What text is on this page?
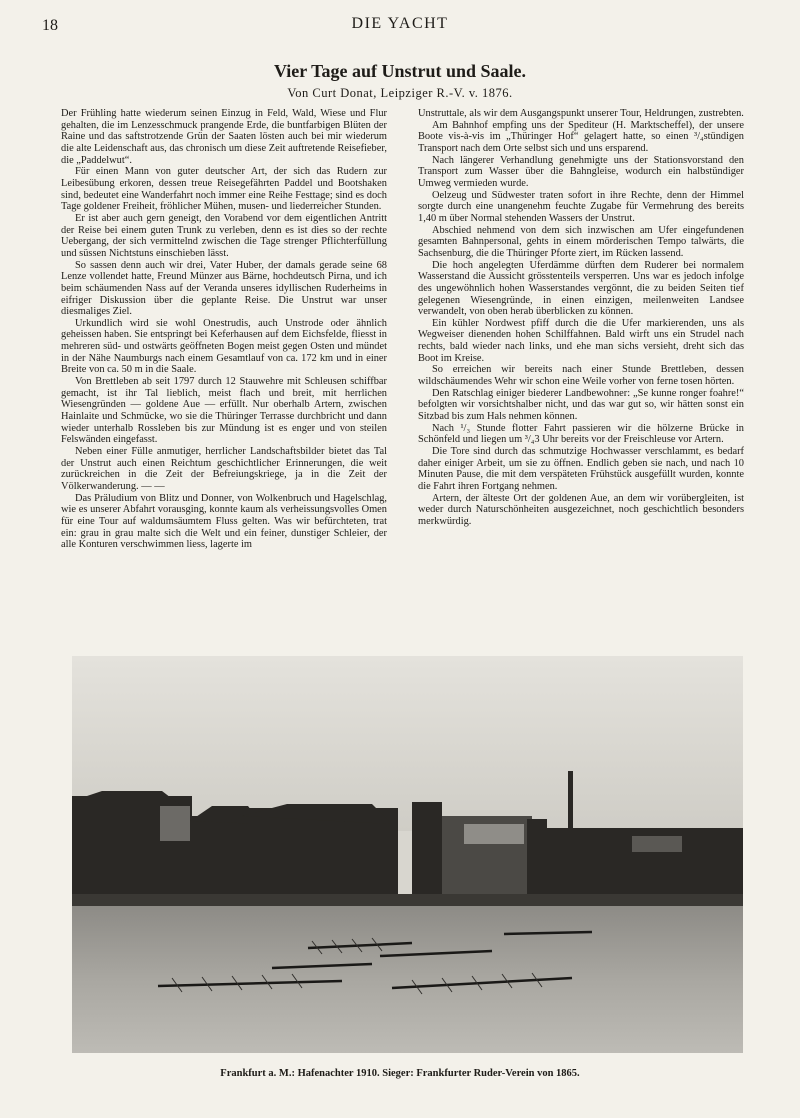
18	DIE YACHT
Vier Tage auf Unstrut und Saale.
Von Curt Donat, Leipziger R.-V. v. 1876.

Der Frühling hatte wiederum seinen Einzug in Feld, Wald, Wiese und Flur gehalten, die im Lenzesschmuck prangende Erde, die buntfarbigen Blüten der Raine und das saftstrotzende Grün der Saaten lösten auch bei mir wiederum die alte Leidenschaft aus, das chronisch um diese Zeit auftretende Reisefieber, die „Paddelwut“.

Für einen Mann von guter deutscher Art, der sich das Rudern zur Leibesübung erkoren, dessen treue Reisegefährten Paddel und Bootshaken sind, bedeutet eine Wanderfahrt noch immer eine Reihe Festtage; sind es doch Tage goldener Freiheit, fröhlicher Mühen, musen- und liederreicher Stunden.

Er ist aber auch gern geneigt, den Vorabend vor dem eigentlichen Antritt der Reise bei einem guten Trunk zu verleben, denn es ist dies so der rechte Uebergang, der sich vermittelnd zwischen die Tage strenger Pflichterfüllung und süssen Nichtstuns einschieben lässt.

So sassen denn auch wir drei, Vater Huber, der damals gerade seine 68 Lenze vollendet hatte, Freund Münzer aus Bärne, hochdeutsch Pirna, und ich beim schäumenden Nass auf der Veranda unseres idyllischen Ruderheims in eifriger Diskussion über die geplante Reise. Die Unstrut war unser diesmaliges Ziel.

Urkundlich wird sie wohl Onestrudis, auch Unstrode oder ähnlich geheissen haben. Sie entspringt bei Keferhausen auf dem Eichsfelde, fliesst in mehreren süd- und ostwärts geöffneten Bogen meist gegen Osten und mündet in der Nähe Naumburgs nach einem Gesamtlauf von ca. 172 km und in einer Breite von ca. 50 m in die Saale.

Von Brettleben ab seit 1797 durch 12 Stauwehre mit Schleusen schiffbar gemacht, ist ihr Tal lieblich, meist flach und breit, mit herrlichen Wiesengründen — goldene Aue — erfüllt. Nur oberhalb Artern, zwischen Hainlaite und Schmücke, wo sie die Thüringer Terrasse durchbricht und dann wieder unterhalb Rossleben bis zur Mündung ist es enger und von steilen Felswänden eingefasst.

Neben einer Fülle anmutiger, herrlicher Landschaftsbilder bietet das Tal der Unstrut auch einen Reichtum geschichtlicher Erinnerungen, die weit zurückreichen in die Zeit der Befreiungskriege, ja in die Zeit der Völkerwanderung. — —

Das Präludium von Blitz und Donner, von Wolkenbruch und Hagelschlag, wie es unserer Abfahrt vorausging, konnte kaum als verheissungsvolles Omen für eine Tour auf waldumsäumtem Fluss gelten. Was wir befürchteten, trat ein: grau in grau malte sich die Welt und ein feiner, dunstiger Schleier, der alle Konturen verschwimmen liess, lagerte im

Unstruttale, als wir dem Ausgangspunkt unserer Tour, Heldrungen, zustrebten.

Am Bahnhof empfing uns der Spediteur (H. Marktscheffel), der unsere Boote vis-à-vis im „Thüringer Hof“ gelagert hatte, so einen ³/₄stündigen Transport nach dem Orte selbst sich und uns ersparend.

Nach längerer Verhandlung genehmigte uns der Stationsvorstand den Transport zum Wasser über die Bahngleise, wodurch ein halbstündiger Umweg vermieden wurde.

Oelzeug und Südwester traten sofort in ihre Rechte, denn der Himmel sorgte durch eine unangenehm feuchte Zugabe für Vermehrung des bereits 1,40 m über Normal stehenden Wassers der Unstrut.

Abschied nehmend von dem sich inzwischen am Ufer eingefundenen gesamten Bahnpersonal, gehts in einem mörderischen Tempo talwärts, die Sachsenburg, die die Thüringer Pforte ziert, im Rücken lassend.

Die hoch angelegten Uferdämme dürften dem Ruderer bei normalem Wasserstand die Aussicht grösstenteils versperren. Uns war es jedoch infolge des ungewöhnlich hohen Wasserstandes vergönnt, die zu beiden Seiten tief gelegenen Wiesengründe, in einen einzigen, meilenweiten Landsee verwandelt, von oben herab überblicken zu können.

Ein kühler Nordwest pfiff durch die die Ufer markierenden, uns als Wegweiser dienenden hohen Schilffahnen. Bald wirft uns ein Strudel nach rechts, bald wieder nach links, und ehe man sichs versieht, dreht sich das Boot im Kreise.

So erreichen wir bereits nach einer Stunde Brettleben, dessen wildschäumendes Wehr wir schon eine Weile vorher von ferne tosen hörten.

Den Ratschlag einiger biederer Landbewohner: „Se kunne ronger foahre!“ befolgten wir vorsichtshalber nicht, und das war gut so, wir hätten sonst ein Sitzbad bis zum Hals nehmen können.

Nach ¹/₃ Stunde flotter Fahrt passieren wir die hölzerne Brücke in Schönfeld und liegen um ³/₄3 Uhr bereits vor der Freischleuse vor Artern.

Die Tore sind durch das schmutzige Hochwasser verschlammt, es bedarf daher einiger Arbeit, um sie zu öffnen. Endlich geben sie nach, und nach 10 Minuten Pause, die mit dem verspäteten Frühstück ausgefüllt wurden, konnte die Fahrt ihren Fortgang nehmen.

Artern, der älteste Ort der goldenen Aue, an dem wir vorübergleiten, ist weder durch Naturschönheiten ausgezeichnet, noch geschichtlich besonders merkwürdig.

Frankfurt a. M.: Hafenachter 1910. Sieger: Frankfurter Ruder-Verein von 1865.
